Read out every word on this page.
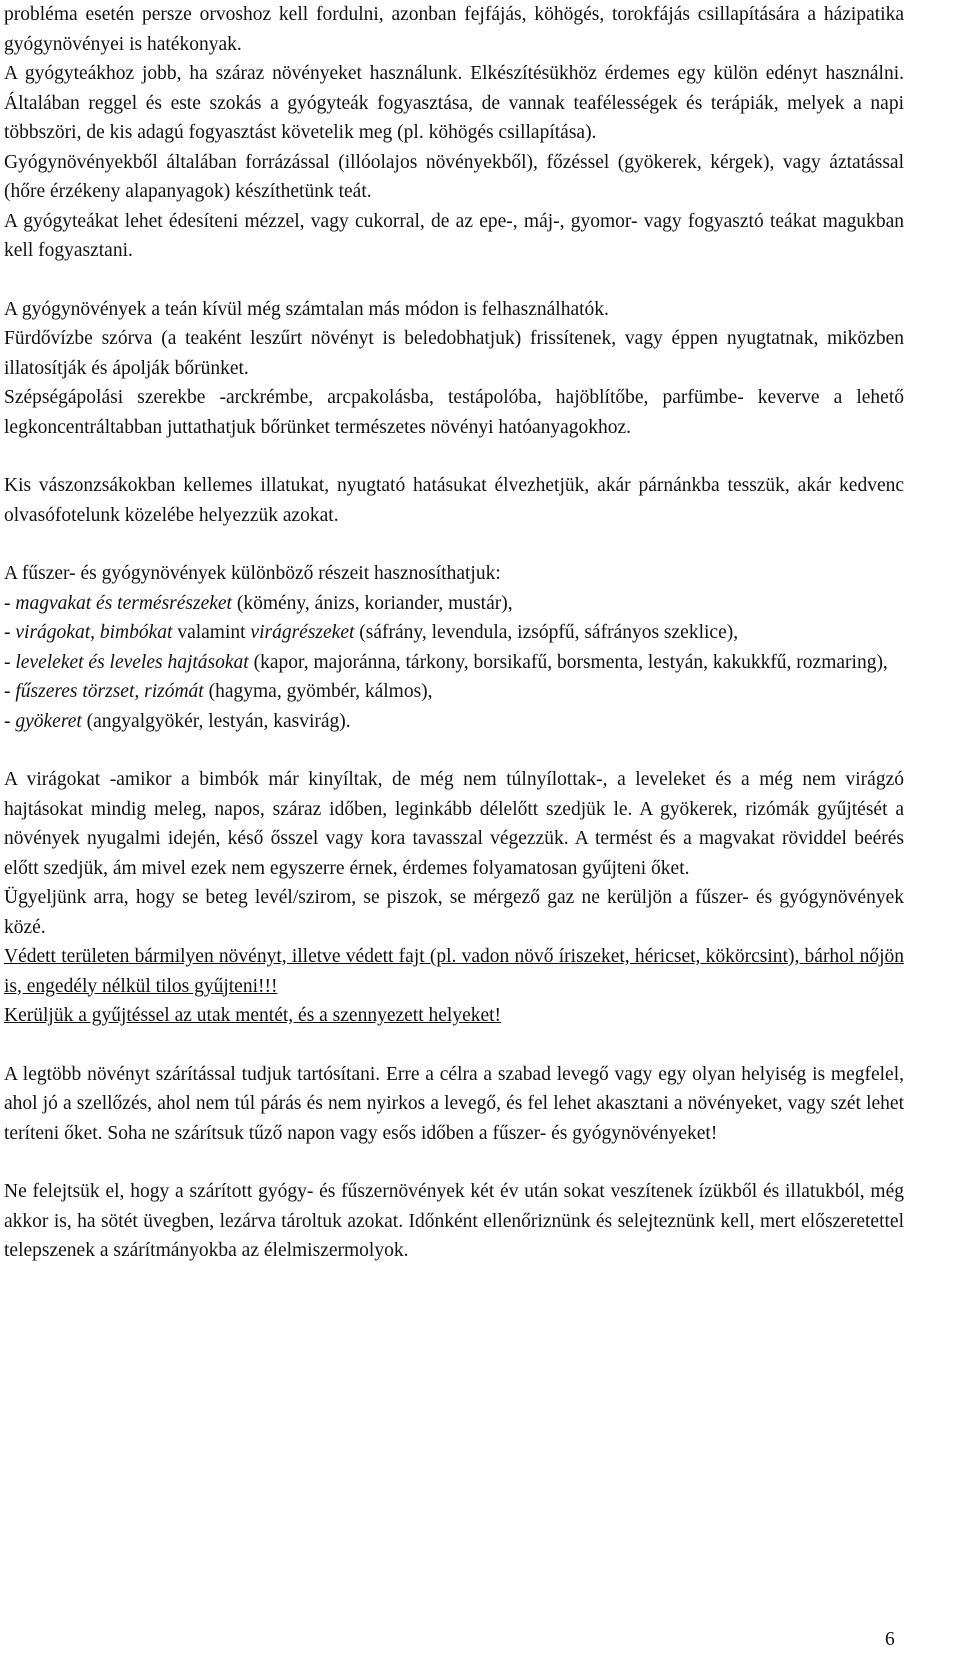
probléma esetén persze orvoshoz kell fordulni, azonban fejfájás, köhögés, torokfájás csillapítására a házipatika gyógynövényei is hatékonyak.

A gyógyteákhoz jobb, ha száraz növényeket használunk. Elkészítésükhöz érdemes egy külön edényt használni. Általában reggel és este szokás a gyógyteák fogyasztása, de vannak teafélességek és terápiák, melyek a napi többszöri, de kis adagú fogyasztást követelik meg (pl. köhögés csillapítása).

Gyógynövényekből általában forrázással (illóolajos növényekből), főzéssel (gyökerek, kérgek), vagy áztatással (hőre érzékeny alapanyagok) készíthetünk teát.

A gyógyteákat lehet édesíteni mézzel, vagy cukorral, de az epe-, máj-, gyomor- vagy fogyasztó teákat magukban kell fogyasztani.

A gyógynövények a teán kívül még számtalan más módon is felhasználhatók.

Fürdővízbe szórva (a teaként leszűrt növényt is beledobhatjuk) frissítenek, vagy éppen nyugtatnak, miközben illatosítják és ápolják bőrünket.

Szépségápolási szerekbe -arckrémbe, arcpakolásba, testápolóba, hajöblítőbe, parfümbe- keverve a lehető legkoncentráltabban juttathatjuk bőrünket természetes növényi hatóanyagokhoz.

Kis vászonzsákokban kellemes illatukat, nyugtató hatásukat élvezhetjük, akár párnánkba tesszük, akár kedvenc olvasófotelunk közelébe helyezzük azokat.

A fűszer- és gyógynövények különböző részeit hasznosíthatjuk:

- magvakat és termésrészeket (kömény, ánizs, koriander, mustár),

- virágokat, bimbókat valamint virágrészeket (sáfrány, levendula, izsópfű, sáfrányos szeklice),

- leveleket és leveles hajtásokat (kapor, majoránna, tárkony, borsikafű, borsmenta, lestyán, kakukkfű, rozmaring),

- fűszeres törzset, rizómát (hagyma, gyömbér, kálmos),

- gyökeret (angyalgyökér, lestyán, kasvirág).

A virágokat -amikor a bimbók már kinyíltak, de még nem túlnyílottak-, a leveleket és a még nem virágzó hajtásokat mindig meleg, napos, száraz időben, leginkább délelőtt szedjük le. A gyökerek, rizómák gyűjtését a növények nyugalmi idején, késő ősszel vagy kora tavasszal végezzük. A termést és a magvakat röviddel beérés előtt szedjük, ám mivel ezek nem egyszerre érnek, érdemes folyamatosan gyűjteni őket.

Ügyeljünk arra, hogy se beteg levél/szirom, se piszok, se mérgező gaz ne kerüljön a fűszer- és gyógynövények közé.

Védett területen bármilyen növényt, illetve védett fajt (pl. vadon növő íriszeket, héricset, kökörcsint), bárhol nőjön is, engedély nélkül tilos gyűjteni!!!

Kerüljük a gyűjtéssel az utak mentét, és a szennyezett helyeket!

A legtöbb növényt szárítással tudjuk tartósítani. Erre a célra a szabad levegő vagy egy olyan helyiség is megfelel, ahol jó a szellőzés, ahol nem túl párás és nem nyirkos a levegő, és fel lehet akasztani a növényeket, vagy szét lehet teríteni őket. Soha ne szárítsuk tűző napon vagy esős időben a fűszer- és gyógynövényeket!

Ne felejtsük el, hogy a szárított gyógy- és fűszernövények két év után sokat veszítenek ízükből és illatukból, még akkor is, ha sötét üvegben, lezárva tároltuk azokat. Időnként ellenőriznünk és selejteznünk kell, mert előszeretettel telepszenek a szárítmányokba az élelmiszermolyok.

6
